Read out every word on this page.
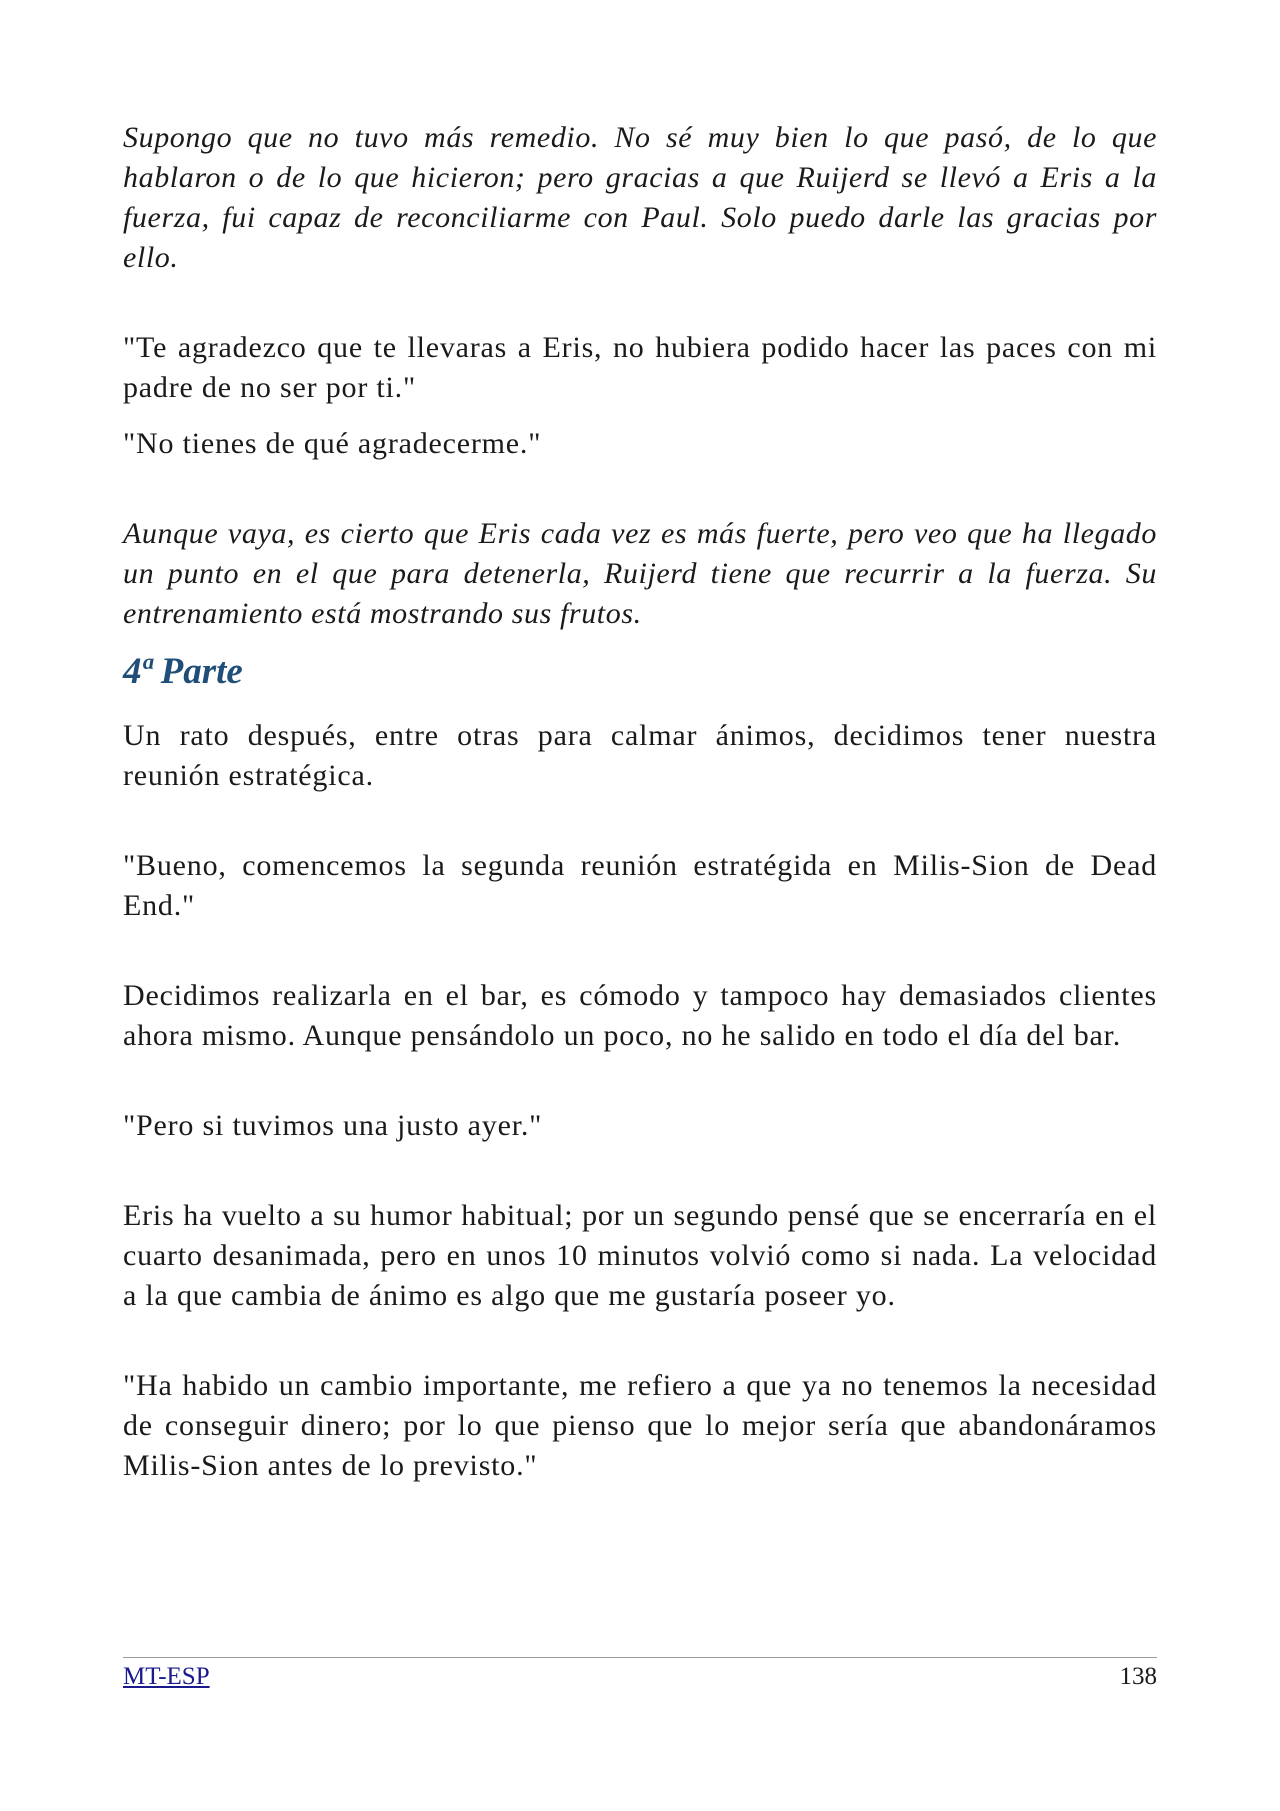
Supongo que no tuvo más remedio. No sé muy bien lo que pasó, de lo que hablaron o de lo que hicieron; pero gracias a que Ruijerd se llevó a Eris a la fuerza, fui capaz de reconciliarme con Paul. Solo puedo darle las gracias por ello.

"Te agradezco que te llevaras a Eris, no hubiera podido hacer las paces con mi padre de no ser por ti."

"No tienes de qué agradecerme."

Aunque vaya, es cierto que Eris cada vez es más fuerte, pero veo que ha llegado un punto en el que para detenerla, Ruijerd tiene que recurrir a la fuerza. Su entrenamiento está mostrando sus frutos.

4ª Parte

Un rato después, entre otras para calmar ánimos, decidimos tener nuestra reunión estratégica.

"Bueno, comencemos la segunda reunión estratégida en Milis-Sion de Dead End."

Decidimos realizarla en el bar, es cómodo y tampoco hay demasiados clientes ahora mismo. Aunque pensándolo un poco, no he salido en todo el día del bar.

"Pero si tuvimos una justo ayer."

Eris ha vuelto a su humor habitual; por un segundo pensé que se encerraría en el cuarto desanimada, pero en unos 10 minutos volvió como si nada. La velocidad a la que cambia de ánimo es algo que me gustaría poseer yo.

"Ha habido un cambio importante, me refiero a que ya no tenemos la necesidad de conseguir dinero; por lo que pienso que lo mejor sería que abandonáramos Milis-Sion antes de lo previsto."

MT-ESP	138
